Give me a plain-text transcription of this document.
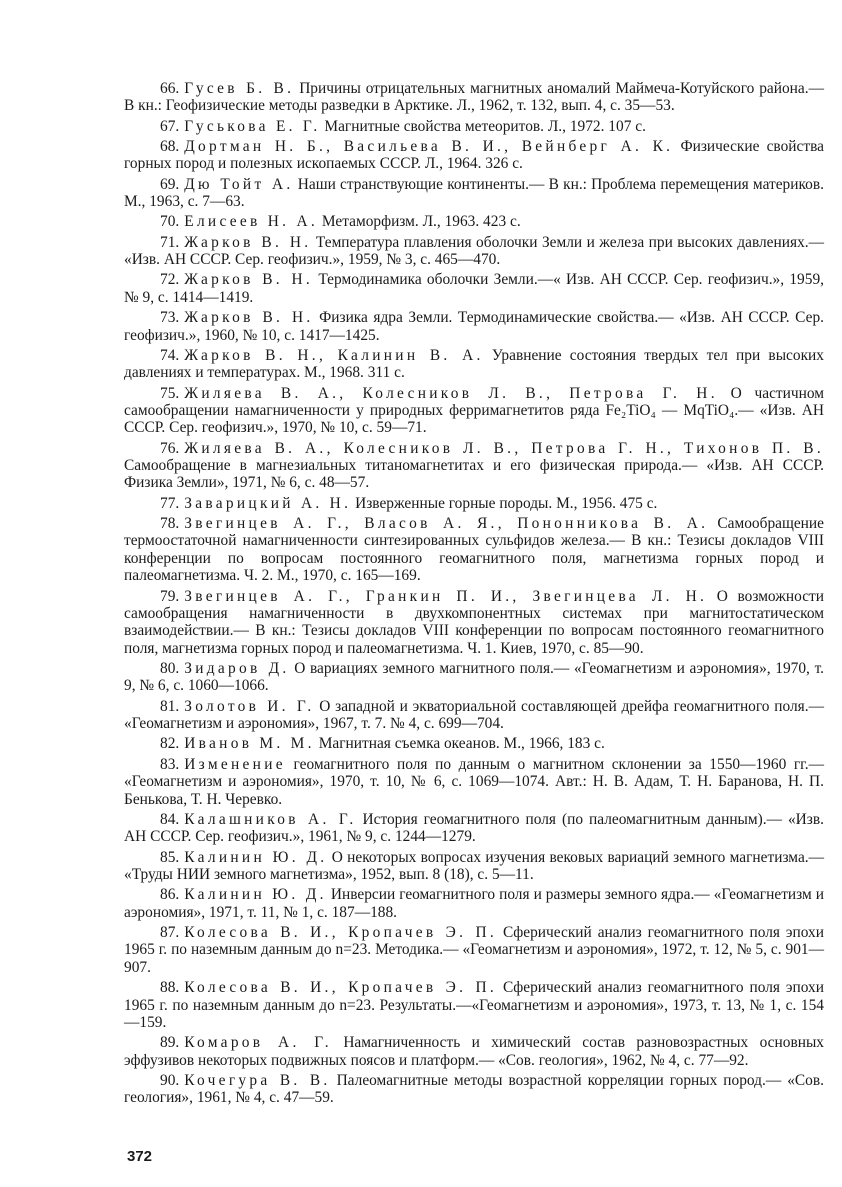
66. Гусев Б. В. Причины отрицательных магнитных аномалий Маймеча-Котуйского района.— В кн.: Геофизические методы разведки в Арктике. Л., 1962, т. 132, вып. 4, с. 35—53.

67. Гуськова Е. Г. Магнитные свойства метеоритов. Л., 1972. 107 с.

68. Дортман Н. Б., Васильева В. И., Вейнберг А. К. Физические свойства горных пород и полезных ископаемых СССР. Л., 1964. 326 с.

69. Дю Тойт А. Наши странствующие континенты.— В кн.: Проблема перемещения материков. М., 1963, с. 7—63.

70. Елисеев Н. А. Метаморфизм. Л., 1963. 423 с.

71. Жарков В. Н. Температура плавления оболочки Земли и железа при высоких давлениях.— «Изв. АН СССР. Сер. геофизич.», 1959, № 3, с. 465—470.

72. Жарков В. Н. Термодинамика оболочки Земли.—« Изв. АН СССР. Сер. геофизич.», 1959, № 9, с. 1414—1419.

73. Жарков В. Н. Физика ядра Земли. Термодинамические свойства.— «Изв. АН СССР. Сер. геофизич.», 1960, № 10, с. 1417—1425.

74. Жарков В. Н., Калинин В. А. Уравнение состояния твердых тел при высоких давлениях и температурах. М., 1968. 311 с.

75. Жиляева В. А., Колесников Л. В., Петрова Г. Н. О частичном самообращении намагниченности у природных ферримагнетитов ряда Fe₂TiO₄ — MqTiO₄.— «Изв. АН СССР. Сер. геофизич.», 1970, № 10, с. 59—71.

76. Жиляева В. А., Колесников Л. В., Петрова Г. Н., Тихонов П. В. Самообращение в магнезиальных титаномагнетитах и его физическая природа.— «Изв. АН СССР. Физика Земли», 1971, № 6, с. 48—57.

77. Заварицкий А. Н. Изверженные горные породы. М., 1956. 475 с.

78. Звегинцев А. Г., Власов А. Я., Пононникова В. А. Самообращение термоостаточной намагниченности синтезированных сульфидов железа.— В кн.: Тезисы докладов VIII конференции по вопросам постоянного геомагнитного поля, магнетизма горных пород и палеомагнетизма. Ч. 2. М., 1970, с. 165—169.

79. Звегинцев А. Г., Гранкин П. И., Звегинцева Л. Н. О возможности самообращения намагниченности в двухкомпонентных системах при магнитостатическом взаимодействии.— В кн.: Тезисы докладов VIII конференции по вопросам постоянного геомагнитного поля, магнетизма горных пород и палеомагнетизма. Ч. 1. Киев, 1970, с. 85—90.

80. Зидаров Д. О вариациях земного магнитного поля.— «Геомагнетизм и аэрономия», 1970, т. 9, № 6, с. 1060—1066.

81. Золотов И. Г. О западной и экваториальной составляющей дрейфа геомагнитного поля.— «Геомагнетизм и аэрономия», 1967, т. 7. № 4, с. 699—704.

82. Иванов М. М. Магнитная съемка океанов. М., 1966, 183 с.

83. Изменение геомагнитного поля по данным о магнитном склонении за 1550—1960 гг.— «Геомагнетизм и аэрономия», 1970, т. 10, № 6, с. 1069—1074. Авт.: Н. В. Адам, Т. Н. Баранова, Н. П. Бенькова, Т. Н. Черевко.

84. Калашников А. Г. История геомагнитного поля (по палеомагнитным данным).— «Изв. АН СССР. Сер. геофизич.», 1961, № 9, с. 1244—1279.

85. Калинин Ю. Д. О некоторых вопросах изучения вековых вариаций земного магнетизма.— «Труды НИИ земного магнетизма», 1952, вып. 8 (18), с. 5—11.

86. Калинин Ю. Д. Инверсии геомагнитного поля и размеры земного ядра.— «Геомагнетизм и аэрономия», 1971, т. 11, № 1, с. 187—188.

87. Колесова В. И., Кропачев Э. П. Сферический анализ геомагнитного поля эпохи 1965 г. по наземным данным до n=23. Методика.— «Геомагнетизм и аэрономия», 1972, т. 12, № 5, с. 901—907.

88. Колесова В. И., Кропачев Э. П. Сферический анализ геомагнитного поля эпохи 1965 г. по наземным данным до n=23. Результаты.—«Геомагнетизм и аэрономия», 1973, т. 13, № 1, с. 154—159.

89. Комаров А. Г. Намагниченность и химический состав разновозрастных основных эффузивов некоторых подвижных поясов и платформ.— «Сов. геология», 1962, № 4, с. 77—92.

90. Кочегура В. В. Палеомагнитные методы возрастной корреляции горных пород.— «Сов. геология», 1961, № 4, с. 47—59.

372
